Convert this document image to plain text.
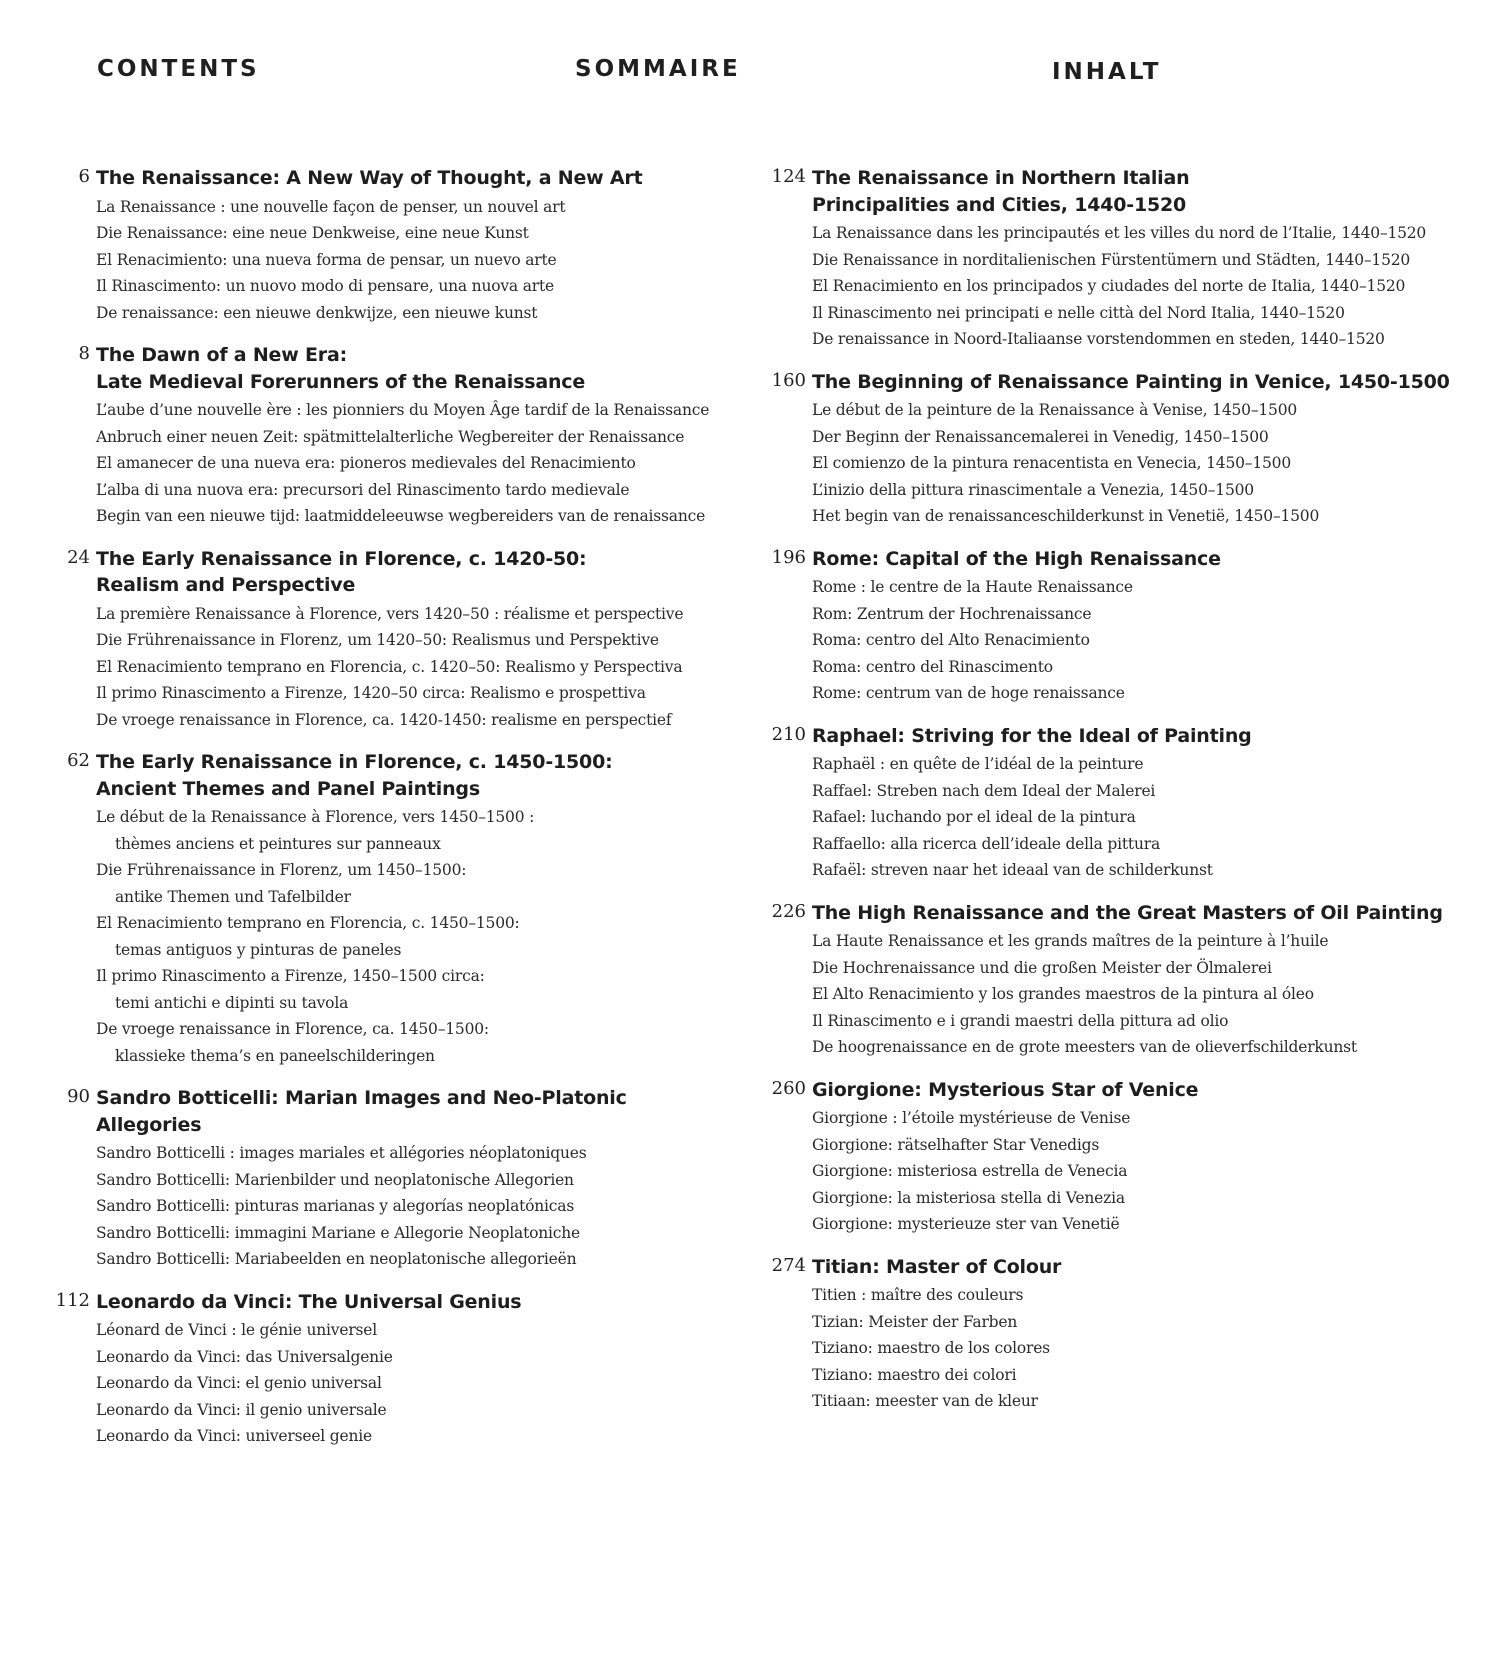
CONTENTS	SOMMAIRE	INHALT
6 The Renaissance: A New Way of Thought, a New Art
La Renaissance : une nouvelle façon de penser, un nouvel art
Die Renaissance: eine neue Denkweise, eine neue Kunst
El Renacimiento: una nueva forma de pensar, un nuevo arte
Il Rinascimento: un nuovo modo di pensare, una nuova arte
De renaissance: een nieuwe denkwijze, een nieuwe kunst
8 The Dawn of a New Era:
Late Medieval Forerunners of the Renaissance
L’aube d’une nouvelle ère : les pionniers du Moyen Âge tardif de la Renaissance
Anbruch einer neuen Zeit: spätmittelalterliche Wegbereiter der Renaissance
El amanecer de una nueva era: pioneros medievales del Renacimiento
L’alba di una nuova era: precursori del Rinascimento tardo medievale
Begin van een nieuwe tijd: laatmiddeleeuwse wegbereiders van de renaissance
24 The Early Renaissance in Florence, c. 1420-50:
Realism and Perspective
La première Renaissance à Florence, vers 1420–50 : réalisme et perspective
Die Frührenaissance in Florenz, um 1420–50: Realismus und Perspektive
El Renacimiento temprano en Florencia, c. 1420–50: Realismo y Perspectiva
Il primo Rinascimento a Firenze, 1420–50 circa: Realismo e prospettiva
De vroege renaissance in Florence, ca. 1420-1450: realisme en perspectief
62 The Early Renaissance in Florence, c. 1450-1500:
Ancient Themes and Panel Paintings
Le début de la Renaissance à Florence, vers 1450–1500 :
thèmes anciens et peintures sur panneaux
Die Frührenaissance in Florenz, um 1450–1500:
antike Themen und Tafelbilder
El Renacimiento temprano en Florencia, c. 1450–1500:
temas antiguos y pinturas de paneles
Il primo Rinascimento a Firenze, 1450–1500 circa:
temi antichi e dipinti su tavola
De vroege renaissance in Florence, ca. 1450–1500:
klassieke thema’s en paneelschilderingen
90 Sandro Botticelli: Marian Images and Neo-Platonic Allegories
Sandro Botticelli : images mariales et allégories néoplatoniques
Sandro Botticelli: Marienbilder und neoplatonische Allegorien
Sandro Botticelli: pinturas marianas y alegorías neoplatónicas
Sandro Botticelli: immagini Mariane e Allegorie Neoplatoniche
Sandro Botticelli: Mariabeelden en neoplatonische allegorieën
112 Leonardo da Vinci: The Universal Genius
Léonard de Vinci : le génie universel
Leonardo da Vinci: das Universalgenie
Leonardo da Vinci: el genio universal
Leonardo da Vinci: il genio universale
Leonardo da Vinci: universeel genie
124 The Renaissance in Northern Italian
Principalities and Cities, 1440-1520
La Renaissance dans les principautés et les villes du nord de l’Italie, 1440–1520
Die Renaissance in norditalienischen Fürstentümern und Städten, 1440–1520
El Renacimiento en los principados y ciudades del norte de Italia, 1440–1520
Il Rinascimento nei principati e nelle città del Nord Italia, 1440–1520
De renaissance in Noord-Italiaanse vorstendommen en steden, 1440–1520
160 The Beginning of Renaissance Painting in Venice, 1450-1500
Le début de la peinture de la Renaissance à Venise, 1450–1500
Der Beginn der Renaissancemalerei in Venedig, 1450–1500
El comienzo de la pintura renacentista en Venecia, 1450–1500
L’inizio della pittura rinascimentale a Venezia, 1450–1500
Het begin van de renaissanceschilderkunst in Venetië, 1450–1500
196 Rome: Capital of the High Renaissance
Rome : le centre de la Haute Renaissance
Rom: Zentrum der Hochrenaissance
Roma: centro del Alto Renacimiento
Roma: centro del Rinascimento
Rome: centrum van de hoge renaissance
210 Raphael: Striving for the Ideal of Painting
Raphaël : en quête de l’idéal de la peinture
Raffael: Streben nach dem Ideal der Malerei
Rafael: luchando por el ideal de la pintura
Raffaello: alla ricerca dell’ideale della pittura
Rafaël: streven naar het ideaal van de schilderkunst
226 The High Renaissance and the Great Masters of Oil Painting
La Haute Renaissance et les grands maîtres de la peinture à l’huile
Die Hochrenaissance und die großen Meister der Ölmalerei
El Alto Renacimiento y los grandes maestros de la pintura al óleo
Il Rinascimento e i grandi maestri della pittura ad olio
De hoogrenaissance en de grote meesters van de olieverfschilderkunst
260 Giorgione: Mysterious Star of Venice
Giorgione : l’étoile mystérieuse de Venise
Giorgione: rätselhafter Star Venedigs
Giorgione: misteriosa estrella de Venecia
Giorgione: la misteriosa stella di Venezia
Giorgione: mysterieuze ster van Venetië
274 Titian: Master of Colour
Titien : maître des couleurs
Tizian: Meister der Farben
Tiziano: maestro de los colores
Tiziano: maestro dei colori
Titiaan: meester van de kleur
